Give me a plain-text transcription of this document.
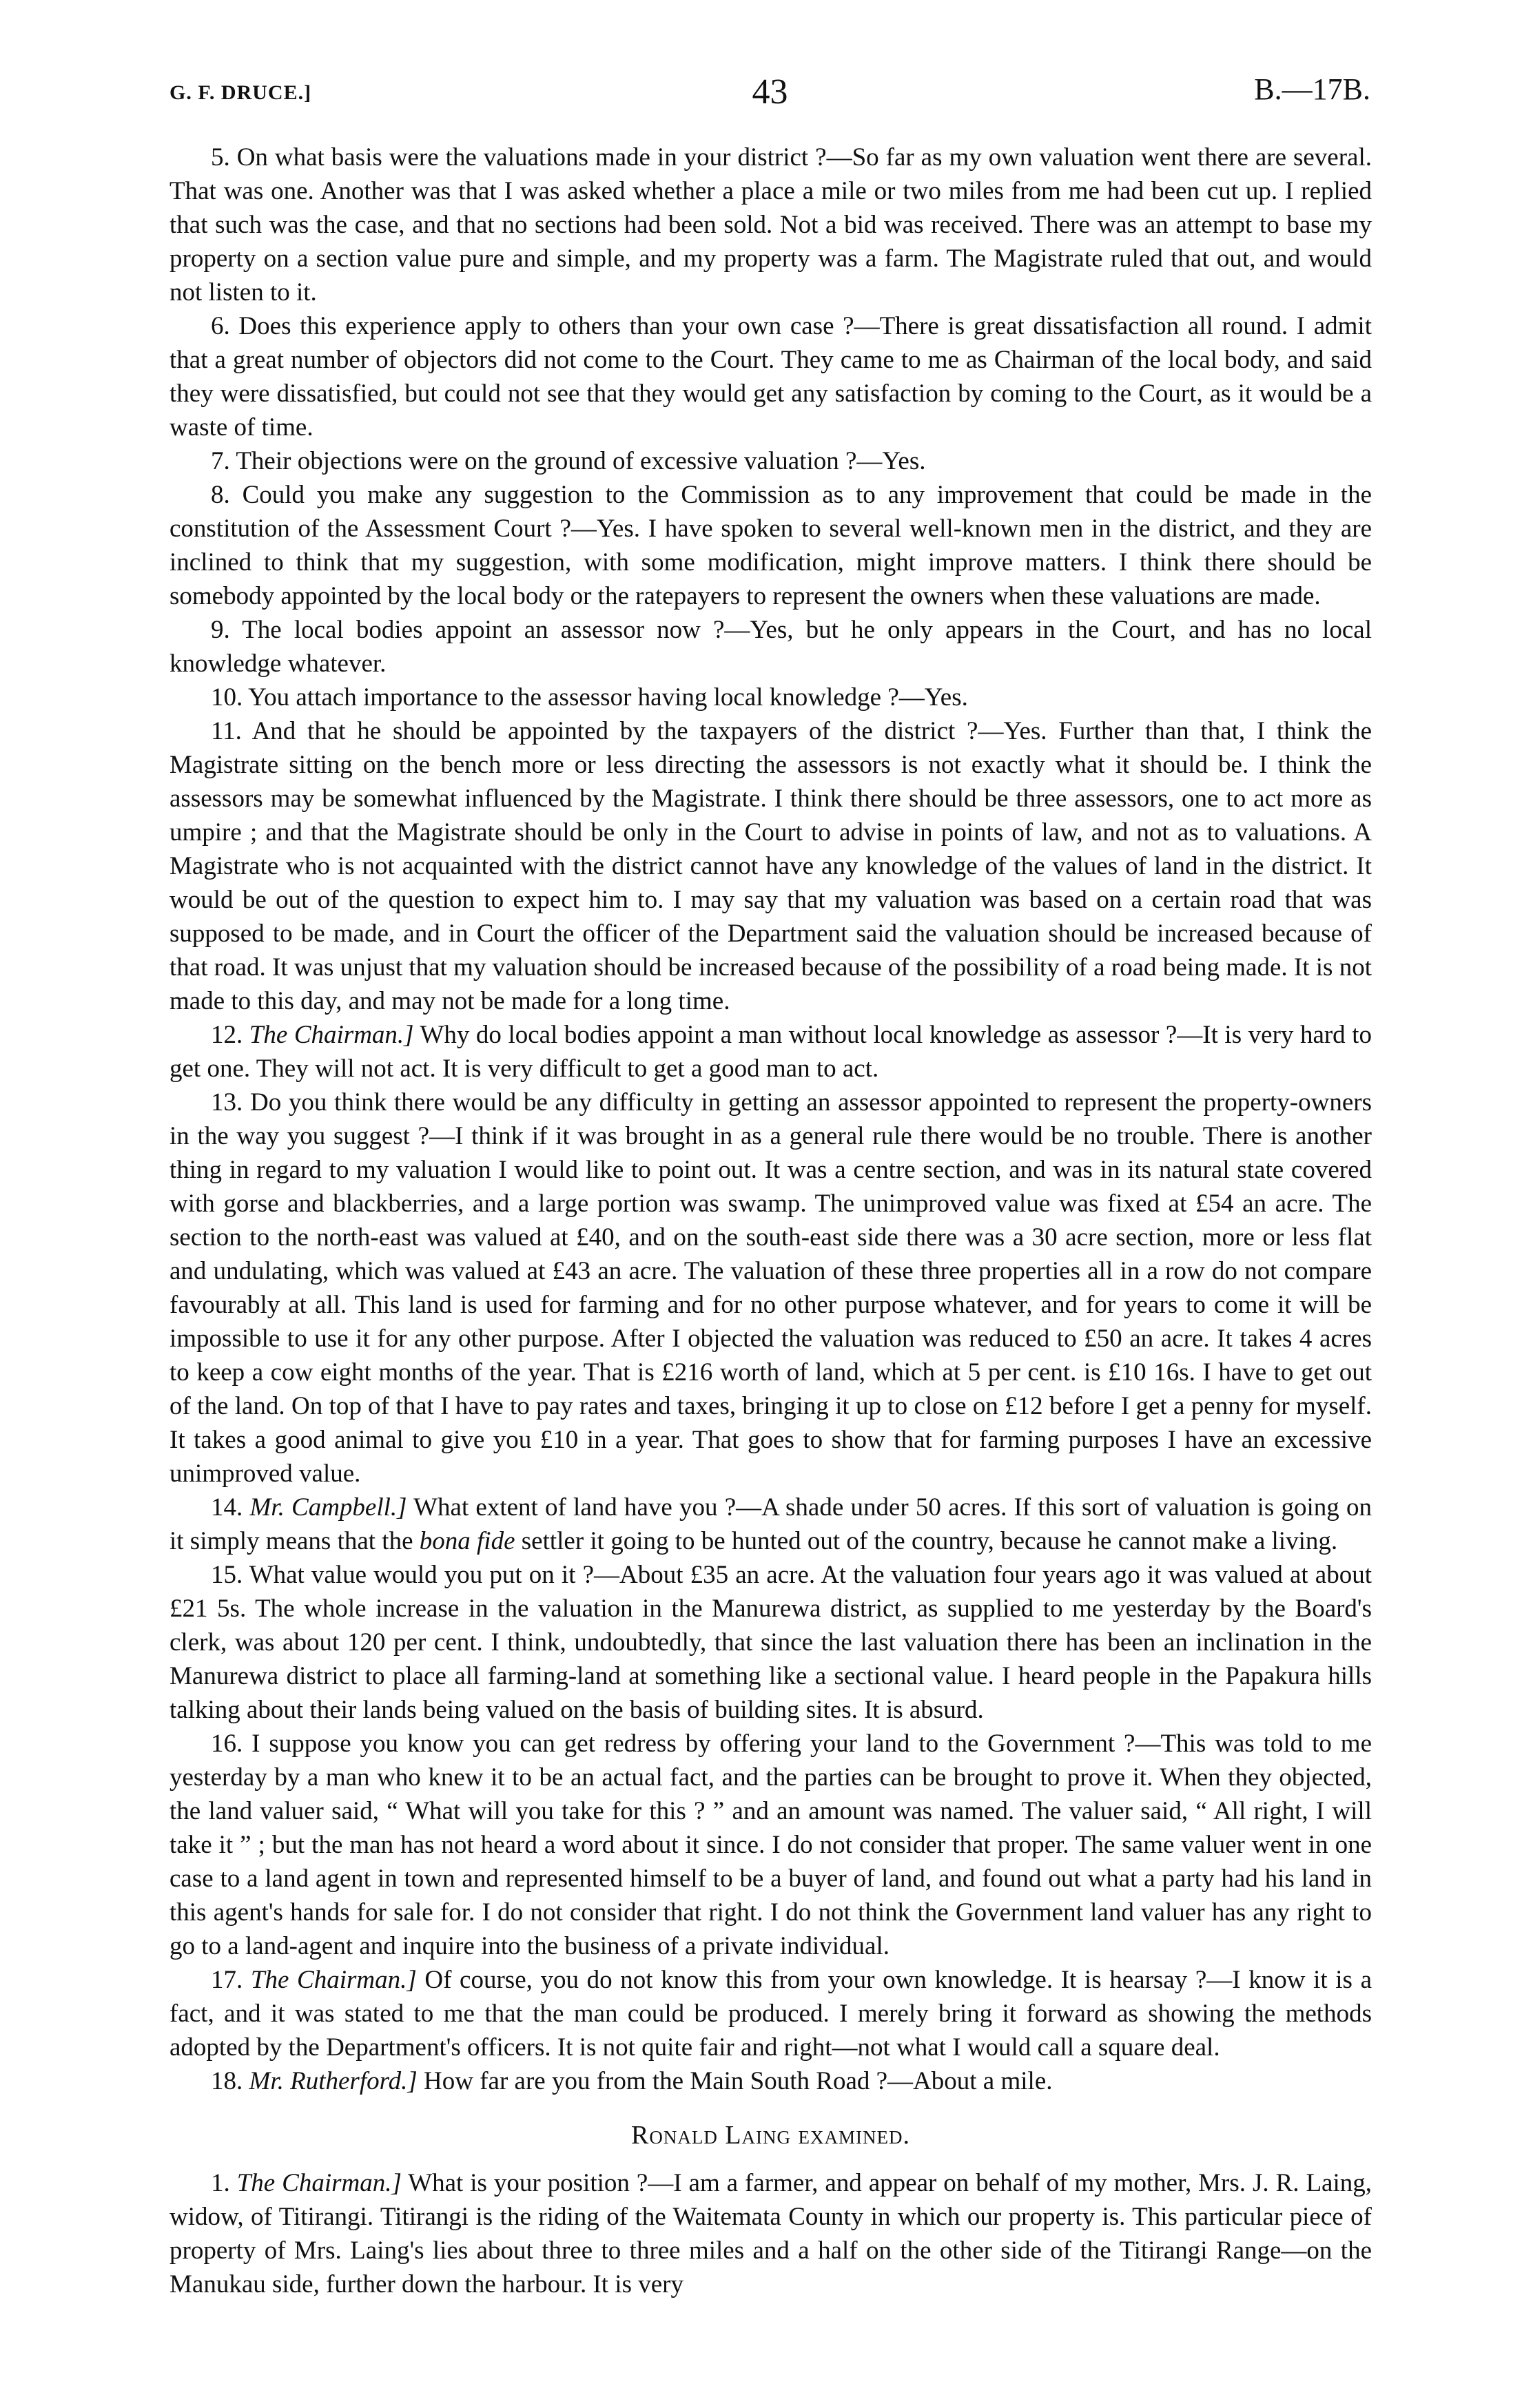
G. F. DRUCE.]	43	B.—17B.

5. On what basis were the valuations made in your district ?—So far as my own valuation went there are several. That was one. Another was that I was asked whether a place a mile or two miles from me had been cut up. I replied that such was the case, and that no sections had been sold. Not a bid was received. There was an attempt to base my property on a section value pure and simple, and my property was a farm. The Magistrate ruled that out, and would not listen to it.

6. Does this experience apply to others than your own case ?—There is great dissatisfaction all round. I admit that a great number of objectors did not come to the Court. They came to me as Chairman of the local body, and said they were dissatisfied, but could not see that they would get any satisfaction by coming to the Court, as it would be a waste of time.

7. Their objections were on the ground of excessive valuation ?—Yes.

8. Could you make any suggestion to the Commission as to any improvement that could be made in the constitution of the Assessment Court ?—Yes. I have spoken to several well-known men in the district, and they are inclined to think that my suggestion, with some modification, might improve matters. I think there should be somebody appointed by the local body or the ratepayers to represent the owners when these valuations are made.

9. The local bodies appoint an assessor now ?—Yes, but he only appears in the Court, and has no local knowledge whatever.

10. You attach importance to the assessor having local knowledge ?—Yes.

11. And that he should be appointed by the taxpayers of the district ?—Yes. Further than that, I think the Magistrate sitting on the bench more or less directing the assessors is not exactly what it should be. I think the assessors may be somewhat influenced by the Magistrate. I think there should be three assessors, one to act more as umpire ; and that the Magistrate should be only in the Court to advise in points of law, and not as to valuations. A Magistrate who is not acquainted with the district cannot have any knowledge of the values of land in the district. It would be out of the question to expect him to. I may say that my valuation was based on a certain road that was supposed to be made, and in Court the officer of the Department said the valuation should be increased because of that road. It was unjust that my valuation should be increased because of the possibility of a road being made. It is not made to this day, and may not be made for a long time.

12. The Chairman.] Why do local bodies appoint a man without local knowledge as assessor ?—It is very hard to get one. They will not act. It is very difficult to get a good man to act.

13. Do you think there would be any difficulty in getting an assessor appointed to represent the property-owners in the way you suggest ?—I think if it was brought in as a general rule there would be no trouble. There is another thing in regard to my valuation I would like to point out. It was a centre section, and was in its natural state covered with gorse and blackberries, and a large portion was swamp. The unimproved value was fixed at £54 an acre. The section to the north-east was valued at £40, and on the south-east side there was a 30 acre section, more or less flat and undulating, which was valued at £43 an acre. The valuation of these three properties all in a row do not compare favourably at all. This land is used for farming and for no other purpose whatever, and for years to come it will be impossible to use it for any other purpose. After I objected the valuation was reduced to £50 an acre. It takes 4 acres to keep a cow eight months of the year. That is £216 worth of land, which at 5 per cent. is £10 16s. I have to get out of the land. On top of that I have to pay rates and taxes, bringing it up to close on £12 before I get a penny for myself. It takes a good animal to give you £10 in a year. That goes to show that for farming purposes I have an excessive unimproved value.

14. Mr. Campbell.] What extent of land have you ?—A shade under 50 acres. If this sort of valuation is going on it simply means that the bona fide settler it going to be hunted out of the country, because he cannot make a living.

15. What value would you put on it ?—About £35 an acre. At the valuation four years ago it was valued at about £21 5s. The whole increase in the valuation in the Manurewa district, as supplied to me yesterday by the Board's clerk, was about 120 per cent. I think, undoubtedly, that since the last valuation there has been an inclination in the Manurewa district to place all farming-land at something like a sectional value. I heard people in the Papakura hills talking about their lands being valued on the basis of building sites. It is absurd.

16. I suppose you know you can get redress by offering your land to the Government ?—This was told to me yesterday by a man who knew it to be an actual fact, and the parties can be brought to prove it. When they objected, the land valuer said, “ What will you take for this ? ” and an amount was named. The valuer said, “ All right, I will take it ” ; but the man has not heard a word about it since. I do not consider that proper. The same valuer went in one case to a land agent in town and represented himself to be a buyer of land, and found out what a party had his land in this agent's hands for sale for. I do not consider that right. I do not think the Government land valuer has any right to go to a land-agent and inquire into the business of a private individual.

17. The Chairman.] Of course, you do not know this from your own knowledge. It is hearsay ?—I know it is a fact, and it was stated to me that the man could be produced. I merely bring it forward as showing the methods adopted by the Department's officers. It is not quite fair and right—not what I would call a square deal.

18. Mr. Rutherford.] How far are you from the Main South Road ?—About a mile.

Ronald Laing examined.

1. The Chairman.] What is your position ?—I am a farmer, and appear on behalf of my mother, Mrs. J. R. Laing, widow, of Titirangi. Titirangi is the riding of the Waitemata County in which our property is. This particular piece of property of Mrs. Laing's lies about three to three miles and a half on the other side of the Titirangi Range—on the Manukau side, further down the harbour. It is very
